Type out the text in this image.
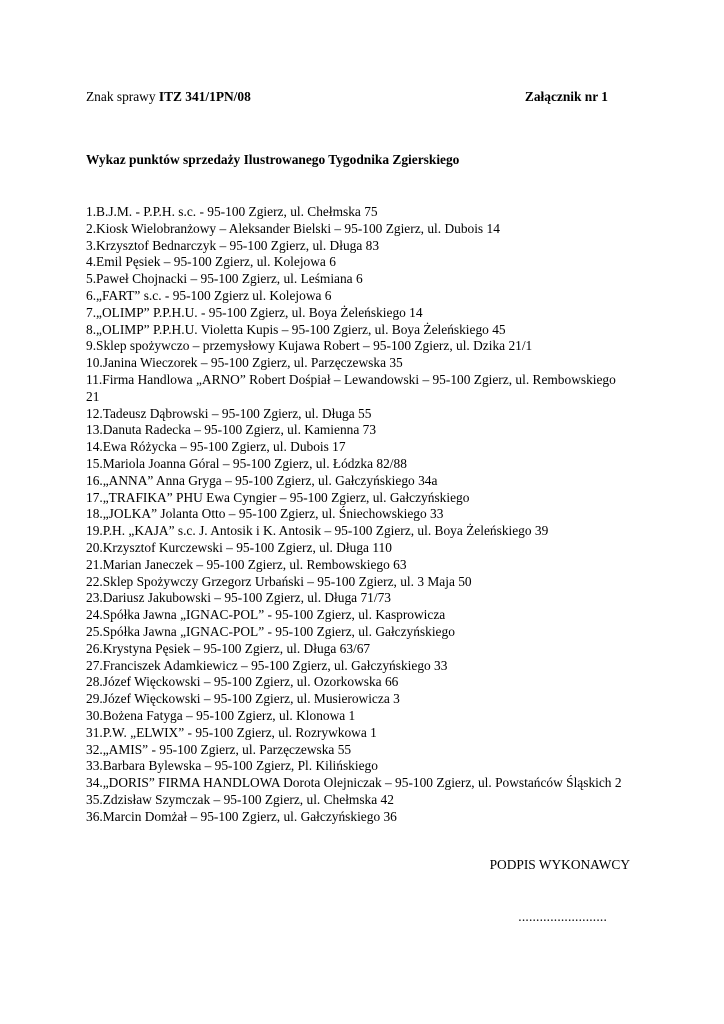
Znak sprawy ITZ 341/1PN/08	Załącznik nr 1
Wykaz punktów sprzedaży Ilustrowanego Tygodnika Zgierskiego
1.B.J.M. - P.P.H. s.c. - 95-100 Zgierz, ul. Chełmska 75
2.Kiosk Wielobranżowy – Aleksander Bielski – 95-100 Zgierz, ul. Dubois 14
3.Krzysztof Bednarczyk – 95-100 Zgierz, ul. Długa 83
4.Emil Pęsiek – 95-100 Zgierz, ul. Kolejowa 6
5.Paweł Chojnacki – 95-100 Zgierz, ul. Leśmiana 6
6.„FART” s.c. - 95-100 Zgierz ul. Kolejowa 6
7.„OLIMP” P.P.H.U. - 95-100 Zgierz, ul. Boya Żeleńskiego 14
8.„OLIMP” P.P.H.U. Violetta Kupis – 95-100 Zgierz, ul. Boya Żeleńskiego 45
9.Sklep spożywczo – przemysłowy Kujawa Robert – 95-100 Zgierz, ul. Dzika 21/1
10.Janina Wieczorek – 95-100 Zgierz, ul. Parzęczewska 35
11.Firma Handlowa „ARNO” Robert Dośpiał – Lewandowski – 95-100 Zgierz, ul. Rembowskiego 21
12.Tadeusz Dąbrowski – 95-100 Zgierz, ul. Długa 55
13.Danuta Radecka – 95-100 Zgierz, ul. Kamienna 73
14.Ewa Różycka – 95-100 Zgierz, ul. Dubois 17
15.Mariola Joanna Góral – 95-100 Zgierz, ul. Łódzka 82/88
16.„ANNA” Anna Gryga – 95-100 Zgierz, ul. Gałczyńskiego 34a
17.„TRAFIKA” PHU Ewa Cyngier – 95-100 Zgierz, ul. Gałczyńskiego
18.„JOLKA” Jolanta Otto – 95-100 Zgierz, ul. Śniechowskiego 33
19.P.H. „KAJA” s.c. J. Antosik i K. Antosik – 95-100 Zgierz, ul. Boya Żeleńskiego 39
20.Krzysztof Kurczewski – 95-100 Zgierz, ul. Długa 110
21.Marian Janeczek – 95-100 Zgierz, ul. Rembowskiego 63
22.Sklep Spożywczy Grzegorz Urbański – 95-100 Zgierz, ul. 3 Maja 50
23.Dariusz Jakubowski – 95-100 Zgierz, ul. Długa 71/73
24.Spółka Jawna „IGNAC-POL” - 95-100 Zgierz, ul. Kasprowicza
25.Spółka Jawna „IGNAC-POL” - 95-100 Zgierz, ul. Gałczyńskiego
26.Krystyna Pęsiek – 95-100 Zgierz, ul. Długa 63/67
27.Franciszek Adamkiewicz – 95-100 Zgierz, ul. Gałczyńskiego 33
28.Józef Więckowski – 95-100 Zgierz, ul. Ozorkowska 66
29.Józef Więckowski – 95-100 Zgierz, ul. Musierowicza 3
30.Bożena Fatyga – 95-100 Zgierz, ul. Klonowa 1
31.P.W. „ELWIX” - 95-100 Zgierz, ul. Rozrywkowa 1
32.„AMIS” - 95-100 Zgierz, ul. Parzęczewska 55
33.Barbara Bylewska – 95-100 Zgierz, Pl. Kilińskiego
34.„DORIS” FIRMA HANDLOWA Dorota Olejniczak – 95-100 Zgierz, ul. Powstańców Śląskich 2
35.Zdzisław Szymczak – 95-100 Zgierz, ul. Chełmska 42
36.Marcin Domżał – 95-100 Zgierz, ul. Gałczyńskiego 36
PODPIS WYKONAWCY
.........................
